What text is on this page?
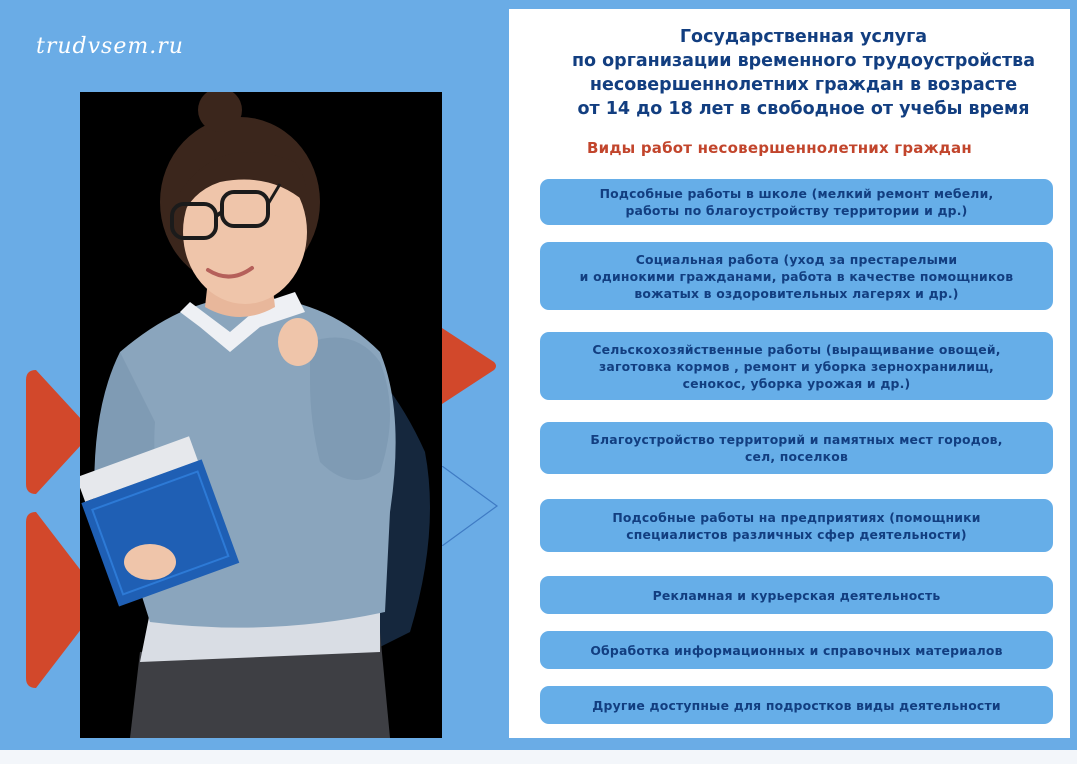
trudvsem.ru	Государственная услуга
по организации временного трудоустройства
несовершеннолетних граждан в возрасте
от 14 до 18 лет в свободное от учебы время
Виды работ несовершеннолетних граждан
Подсобные работы в школе (мелкий ремонт мебели,
работы по благоустройству территории и др.)
Социальная работа (уход за престарелыми
и одинокими гражданами, работа в качестве помощников
вожатых в оздоровительных лагерях и др.)
Сельскохозяйственные работы (выращивание овощей,
заготовка кормов , ремонт и уборка зернохранилищ,
сенокос, уборка урожая и др.)
Благоустройство территорий и памятных мест городов,
сел, поселков
Подсобные работы на предприятиях (помощники
специалистов различных сфер деятельности)
Рекламная и курьерская деятельность
Обработка информационных и справочных материалов
Другие доступные для подростков виды деятельности
